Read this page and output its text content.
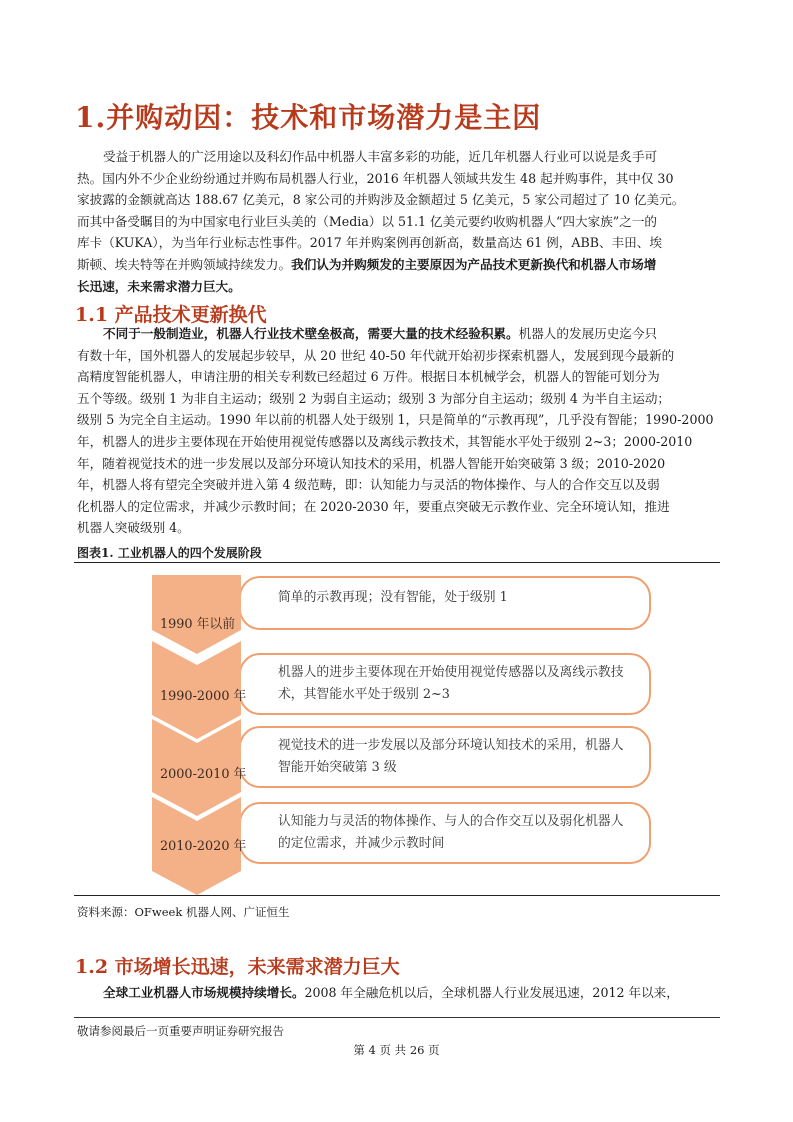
1.并购动因：技术和市场潜力是主因
受益于机器人的广泛用途以及科幻作品中机器人丰富多彩的功能，近几年机器人行业可以说是炙手可
热。国内外不少企业纷纷通过并购布局机器人行业，2016 年机器人领域共发生 48 起并购事件，其中仅 30
家披露的金额就高达 188.67 亿美元，8 家公司的并购涉及金额超过 5 亿美元，5 家公司超过了 10 亿美元。
而其中备受瞩目的为中国家电行业巨头美的（Media）以 51.1 亿美元要约收购机器人“四大家族”之一的
库卡（KUKA），为当年行业标志性事件。2017 年并购案例再创新高，数量高达 61 例，ABB、丰田、埃
斯顿、埃夫特等在并购领域持续发力。我们认为并购频发的主要原因为产品技术更新换代和机器人市场增
长迅速，未来需求潜力巨大。
1.1 产品技术更新换代
不同于一般制造业，机器人行业技术壁垒极高，需要大量的技术经验积累。机器人的发展历史迄今只
有数十年，国外机器人的发展起步较早，从 20 世纪 40-50 年代就开始初步探索机器人，发展到现今最新的
高精度智能机器人，申请注册的相关专利数已经超过 6 万件。根据日本机械学会，机器人的智能可划分为
五个等级。级别 1 为非自主运动；级别 2 为弱自主运动；级别 3 为部分自主运动；级别 4 为半自主运动；
级别 5 为完全自主运动。1990 年以前的机器人处于级别 1，只是简单的“示教再现”，几乎没有智能；1990-2000
年，机器人的进步主要体现在开始使用视觉传感器以及离线示教技术，其智能水平处于级别 2~3；2000-2010
年，随着视觉技术的进一步发展以及部分环境认知技术的采用，机器人智能开始突破第 3 级；2010-2020
年，机器人将有望完全突破并进入第 4 级范畴，即：认知能力与灵活的物体操作、与人的合作交互以及弱
化机器人的定位需求，并减少示教时间；在 2020-2030 年，要重点突破无示教作业、完全环境认知，推进
机器人突破级别 4。
图表1. 工业机器人的四个发展阶段
1990 年以前
简单的示教再现；没有智能，处于级别 1
1990-2000 年
机器人的进步主要体现在开始使用视觉传感器以及离线示教技术，其智能水平处于级别 2~3
2000-2010 年
视觉技术的进一步发展以及部分环境认知技术的采用，机器人智能开始突破第 3 级
2010-2020 年
认知能力与灵活的物体操作、与人的合作交互以及弱化机器人的定位需求，并减少示教时间
资料来源：OFweek 机器人网、广证恒生
1.2 市场增长迅速，未来需求潜力巨大
全球工业机器人市场规模持续增长。2008 年全融危机以后，全球机器人行业发展迅速，2012 年以来，
敬请参阅最后一页重要声明证券研究报告
第 4 页 共 26 页
